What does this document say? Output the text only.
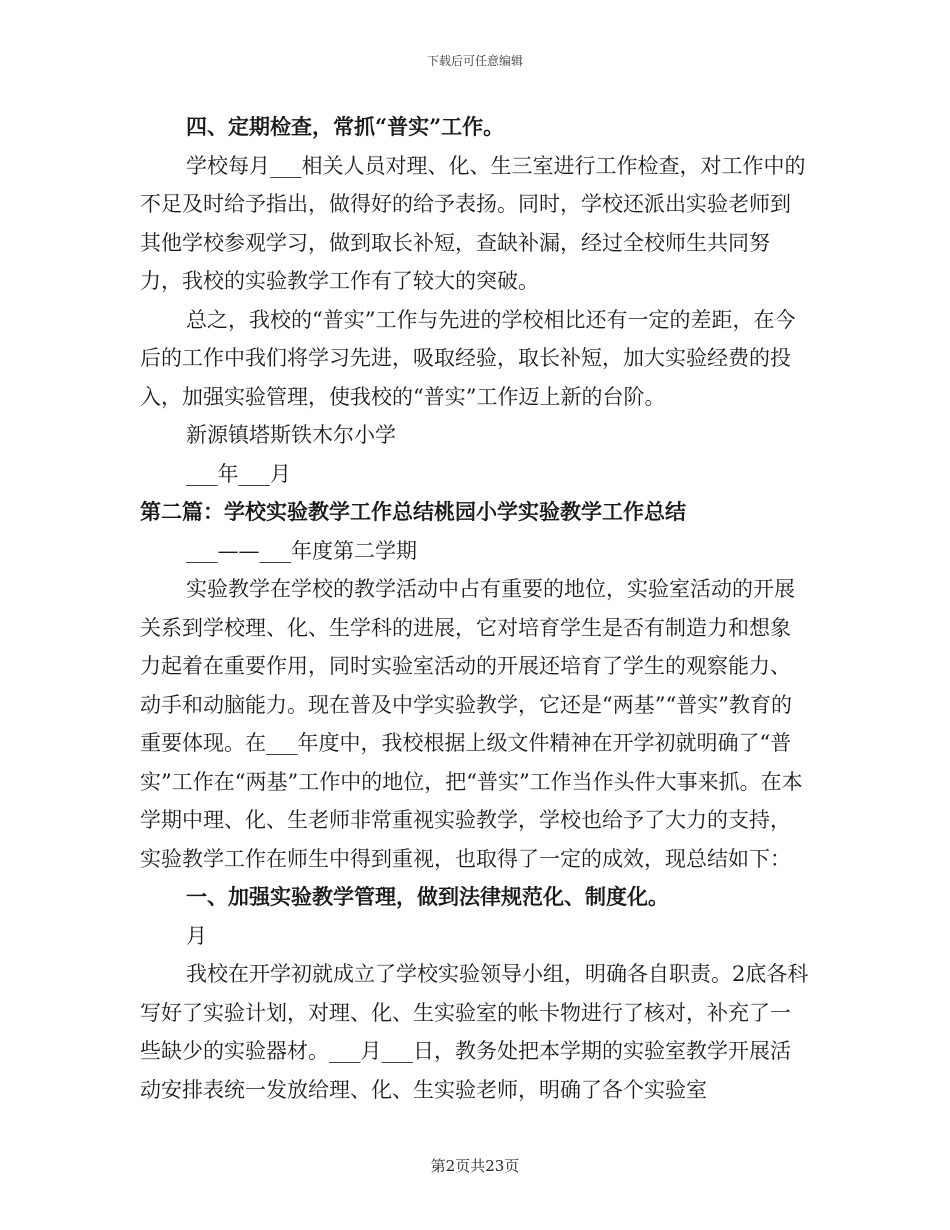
下载后可任意编辑

四、定期检查，常抓“普实”工作。

学校每月___相关人员对理、化、生三室进行工作检查，对工作中的不足及时给予指出，做得好的给予表扬。同时，学校还派出实验老师到其他学校参观学习，做到取长补短，查缺补漏，经过全校师生共同努力，我校的实验教学工作有了较大的突破。

总之，我校的“普实”工作与先进的学校相比还有一定的差距，在今后的工作中我们将学习先进，吸取经验，取长补短，加大实验经费的投入，加强实验管理，使我校的“普实”工作迈上新的台阶。

新源镇塔斯铁木尔小学

___年___月

第二篇：学校实验教学工作总结桃园小学实验教学工作总结

___——___年度第二学期

实验教学在学校的教学活动中占有重要的地位，实验室活动的开展关系到学校理、化、生学科的进展，它对培育学生是否有制造力和想象力起着在重要作用，同时实验室活动的开展还培育了学生的观察能力、动手和动脑能力。现在普及中学实验教学，它还是“两基”“普实”教育的重要体现。在___年度中，我校根据上级文件精神在开学初就明确了“普实”工作在“两基”工作中的地位，把“普实”工作当作头件大事来抓。在本学期中理、化、生老师非常重视实验教学，学校也给予了大力的支持，实验教学工作在师生中得到重视，也取得了一定的成效，现总结如下：

一、加强实验教学管理，做到法律规范化、制度化。

月

我校在开学初就成立了学校实验领导小组，明确各自职责。2底各科写好了实验计划，对理、化、生实验室的帐卡物进行了核对，补充了一些缺少的实验器材。___月___日，教务处把本学期的实验室教学开展活动安排表统一发放给理、化、生实验老师，明确了各个实验室

第2页共23页
